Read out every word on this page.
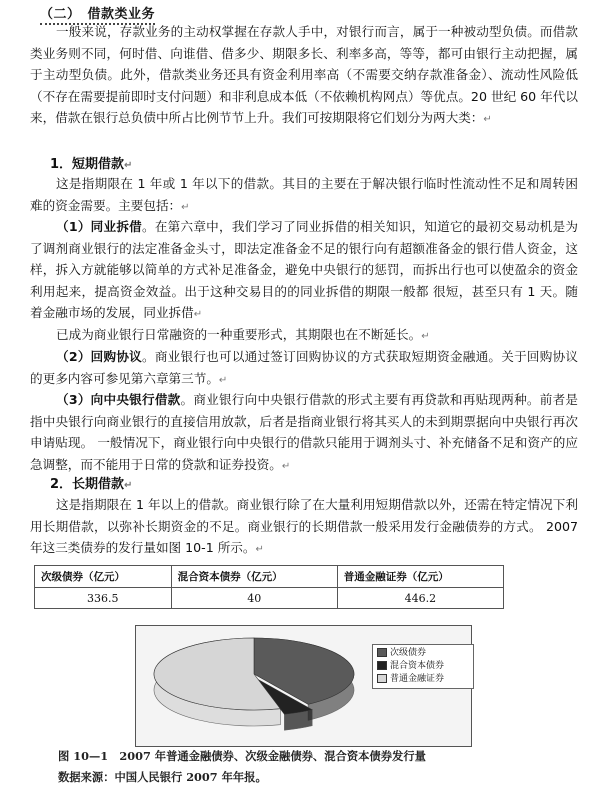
（二）　借款类业务
一般来说，存款业务的主动权掌握在存款人手中，对银行而言，属于一种被动型负债。而借款类业务则不同，何时借、向谁借、借多少、期限多长、利率多高，等等，都可由银行主动把握，属于主动型负债。此外，借款类业务还具有资金利用率高（不需要交纳存款准备金）、流动性风险低（不存在需要提前即时支付问题）和非利息成本低（不依赖机构网点）等优点。20 世纪 60 年代以来，借款在银行总负债中所占比例节节上升。我们可按期限将它们划分为两大类：↵
1．短期借款↵
这是指期限在 1 年或 1 年以下的借款。其目的主要在于解决银行临时性流动性不足和周转困难的资金需要。主要包括：↵
（1）同业拆借。在第六章中，我们学习了同业拆借的相关知识，知道它的最初交易动机是为了调剂商业银行的法定准备金头寸，即法定准备金不足的银行向有超额准备金的银行借人资金，这样，拆入方就能够以简单的方式补足准备金，避免中央银行的惩罚，而拆出行也可以使盈余的资金利用起来，提高资金效益。出于这种交易目的的同业拆借的期限一般都 很短，甚至只有 1 天。随着金融市场的发展，同业拆借↵
已成为商业银行日常融资的一种重要形式，其期限也在不断延长。↵
（2）回购协议。商业银行也可以通过签订回购协议的方式获取短期资金融通。关于回购协议的更多内容可参见第六章第三节。↵
（3）向中央银行借款。商业银行向中央银行借款的形式主要有再贷款和再贴现两种。前者是指中央银行向商业银行的直接信用放款，后者是指商业银行将其买人的未到期票据向中央银行再次申请贴现。 一般情况下，商业银行向中央银行的借款只能用于调剂头寸、补充储备不足和资产的应急调整，而不能用于日常的贷款和证券投资。↵
2．长期借款↵
这是指期限在 1 年以上的借款。商业银行除了在大量利用短期借款以外，还需在特定情况下利用长期借款，以弥补长期资金的不足。商业银行的长期借款一般采用发行金融债券的方式。 2007 年这三类债券的发行量如图 10-1 所示。↵
次级债券（亿元）	混合资本债券（亿元）	普通金融证券（亿元）
336.5	40	446.2
次级债券
混合资本债券
普通金融证券
图 10—1　2007 年普通金融债券、次级金融债券、混合资本债券发行量
数据来源：中国人民银行 2007 年年报。
